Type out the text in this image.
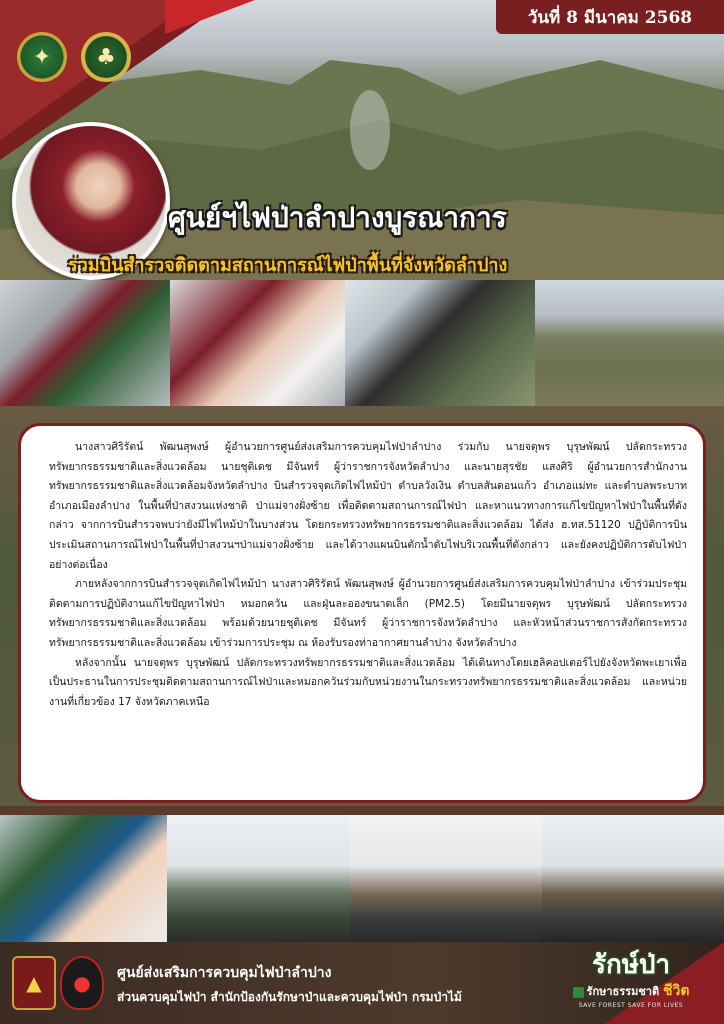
✦	♣
วันที่ 8 มีนาคม 2568
ศูนย์ฯไฟป่าลำปางบูรณาการ
ร่วมบินสำรวจติดตามสถานการณ์ไฟป่าพื้นที่จังหวัดลำปาง

นางสาวศิริรัตน์ พัฒนสุพงษ์ ผู้อำนวยการศูนย์ส่งเสริมการควบคุมไฟป่าลำปาง ร่วมกับ นายจตุพร บุรุษพัฒน์ ปลัดกระทรวงทรัพยากรธรรมชาติและสิ่งแวดล้อม นายชุติเดช มีจันทร์ ผู้ว่าราชการจังหวัดลำปาง และนายสุรชัย แสงศิริ ผู้อำนวยการสำนักงานทรัพยากรธรรมชาติและสิ่งแวดล้อมจังหวัดลำปาง บินสำรวจจุดเกิดไฟไหม้ป่า ตำบลวังเงิน ตำบลสันดอนแก้ว อำเภอแม่ทะ และตำบลพระบาท อำเภอเมืองลำปาง ในพื้นที่ป่าสงวนแห่งชาติ ป่าแม่จางฝั่งซ้าย เพื่อติดตามสถานการณ์ไฟป่า และหาแนวทางการแก้ไขปัญหาไฟป่าในพื้นที่ดังกล่าว จากการบินสำรวจพบว่ายังมีไฟไหม้ป่าในบางส่วน โดยกระทรวงทรัพยากรธรรมชาติและสิ่งแวดล้อม ได้ส่ง ฮ.ทส.51120 ปฏิบัติการบินประเมินสถานการณ์ไฟป่าในพื้นที่ป่าสงวนฯป่าแม่จางฝั่งซ้าย และได้วางแผนบินตักน้ำดับไฟบริเวณพื้นที่ดังกล่าว และยังคงปฏิบัติการดับไฟป่าอย่างต่อเนื่อง

ภายหลังจากการบินสำรวจจุดเกิดไฟไหม้ป่า นางสาวศิริรัตน์ พัฒนสุพงษ์ ผู้อำนวยการศูนย์ส่งเสริมการควบคุมไฟป่าลำปาง เข้าร่วมประชุมติดตามการปฏิบัติงานแก้ไขปัญหาไฟป่า หมอกควัน และฝุ่นละอองขนาดเล็ก (PM2.5) โดยมีนายจตุพร บุรุษพัฒน์ ปลัดกระทรวงทรัพยากรธรรมชาติและสิ่งแวดล้อม พร้อมด้วยนายชุติเดช มีจันทร์ ผู้ว่าราชการจังหวัดลำปาง และหัวหน้าส่วนราชการสังกัดกระทรวงทรัพยากรธรรมชาติและสิ่งแวดล้อม เข้าร่วมการประชุม ณ ห้องรับรองท่าอากาศยานลำปาง จังหวัดลำปาง

หลังจากนั้น นายจตุพร บุรุษพัฒน์ ปลัดกระทรวงทรัพยากรธรรมชาติและสิ่งแวดล้อม ได้เดินทางโดยเฮลิคอปเตอร์ไปยังจังหวัดพะเยาเพื่อเป็นประธานในการประชุมติดตามสถานการณ์ไฟป่าและหมอกควันร่วมกับหน่วยงานในกระทรวงทรัพยากรธรรมชาติและสิ่งแวดล้อม และหน่วยงานที่เกี่ยวข้อง 17 จังหวัดภาคเหนือ

▲	●	ศูนย์ส่งเสริมการควบคุมไฟป่าลำปาง
ส่วนควบคุมไฟป่า สำนักป้องกันรักษาป่าและควบคุมไฟป่า กรมป่าไม้
รักษ์ป่า
รักษาธรรมชาติ ชีวิต
SAVE FOREST SAVE FOR LIVES
